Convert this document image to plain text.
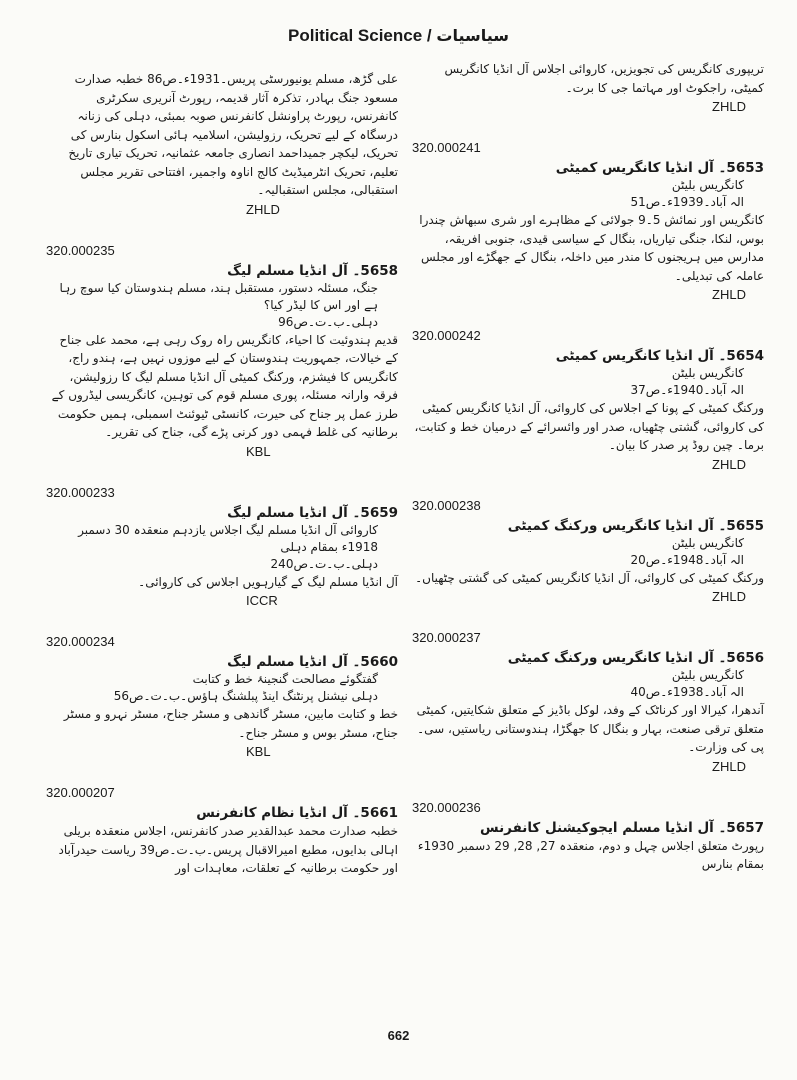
Political Science / سیاسیات
تریپوری کانگریس کی تجویزیں، کاروائی اجلاس آل انڈیا کانگریس کمیٹی، راجکوٹ اور مہاتما جی کا برت۔
ZHLD
320.000241
5653۔ آل انڈیا کانگریس کمیٹی
کانگریس بلیٹن
الہ آباد۔1939ء۔ص51
کانگریس اور نمائش 5۔9 جولائی کے مظاہرے اور شری سبھاش چندرا بوس، لنکا، جنگی تیاریاں، بنگال کے سیاسی قیدی، جنوبی افریقہ، مدارس میں ہریجنوں کا مندر میں داخلہ، بنگال کے جھگڑے اور مجلس عاملہ کی تبدیلی۔
ZHLD
320.000242
5654۔ آل انڈیا کانگریس کمیٹی
کانگریس بلیٹن
الہ آباد۔1940ء۔ص37
ورکنگ کمیٹی کے پونا کے اجلاس کی کاروائی، آل انڈیا کانگریس کمیٹی کی کاروائی، گشتی چٹھیاں، صدر اور وائسرائے کے درمیان خط و کتابت، برما۔ چین روڈ پر صدر کا بیان۔
ZHLD
320.000238
5655۔ آل انڈیا کانگریس ورکنگ کمیٹی
کانگریس بلیٹن
الہ آباد۔1948ء۔ص20
ورکنگ کمیٹی کی کاروائی، آل انڈیا کانگریس کمیٹی کی گشتی چٹھیاں۔
ZHLD
320.000237
5656۔ آل انڈیا کانگریس ورکنگ کمیٹی
کانگریس بلیٹن
الہ آباد۔1938ء۔ص40
آندھرا، کیرالا اور کرناٹک کے وفد، لوکل باڈیز کے متعلق شکایتیں، کمیٹی متعلق ترقی صنعت، بہار و بنگال کا جھگڑا، ہندوستانی ریاستیں، سی۔ پی کی وزارت۔
ZHLD
320.000236
5657۔ آل انڈیا مسلم ایجوکیشنل کانفرنس
رپورٹ متعلق اجلاس چہل و دوم، منعقدہ 27, 28, 29 دسمبر 1930ء بمقام بنارس
علی گڑھ، مسلم یونیورسٹی پریس۔1931ء۔ص86 خطبہ صدارت مسعود جنگ بہادر، تذکرہ آثار قدیمہ، رپورٹ آنریری سکرٹری کانفرنس، رپورٹ پراونشل کانفرنس صوبہ بمبئی، دہلی کی زنانہ درسگاہ کے لیے تحریک، رزولیشن، اسلامیہ ہائی اسکول بنارس کی تحریک، لیکچر جمیداحمد انصاری جامعہ عثمانیہ، تحریک تیاری تاریخ تعلیم، تحریک انٹرمیڈیٹ کالج اناوہ واجمیر، افتتاحی تقریر مجلس استقبالی، مجلس استقبالیہ۔
ZHLD
320.000235
5658۔ آل انڈیا مسلم لیگ
جنگ، مسئلہ دستور، مستقبل ہند، مسلم ہندوستان کیا سوچ رہا ہے اور اس کا لیڈر کیا؟
دہلی۔ب۔ت۔ص96
قدیم ہندوئیت کا احیاء، کانگریس راہ روک رہی ہے، محمد علی جناح کے خیالات، جمہوریت ہندوستان کے لیے موزوں نہیں ہے، ہندو راج، کانگریس کا فیشزم، ورکنگ کمیٹی آل انڈیا مسلم لیگ کا رزولیشن، فرقہ وارانہ مسئلہ، پوری مسلم قوم کی توہین، کانگریسی لیڈروں کے طرز عمل پر جناح کی حیرت، کانسٹی ٹیوئنٹ اسمبلی، ہمیں حکومت برطانیہ کی غلط فہمی دور کرنی پڑے گی، جناح کی تقریر۔
KBL
320.000233
5659۔ آل انڈیا مسلم لیگ
کاروائی آل انڈیا مسلم لیگ اجلاس یازدہم منعقدہ 30 دسمبر 1918ء بمقام دہلی
دہلی۔ب۔ت۔ص240
آل انڈیا مسلم لیگ کے گیارہویں اجلاس کی کاروائی۔
ICCR
320.000234
5660۔ آل انڈیا مسلم لیگ
گفتگوئے مصالحت گنجینۂ خط و کتابت
دہلی نیشنل پرنٹنگ اینڈ پبلشنگ ہاؤس۔ب۔ت۔ص56
خط و کتابت مابین، مسٹر گاندھی و مسٹر جناح، مسٹر نہرو و مسٹر جناح، مسٹر بوس و مسٹر جناح۔
KBL
320.000207
5661۔ آل انڈیا نظام کانفرنس
خطبہ صدارت محمد عبدالقدیر صدر کانفرنس، اجلاس منعقدہ بریلی اہالی بدایوں، مطبع امیرالاقبال پریس۔ب۔ت۔ص39 ریاست حیدرآباد اور حکومت برطانیہ کے تعلقات، معاہدات اور
662
